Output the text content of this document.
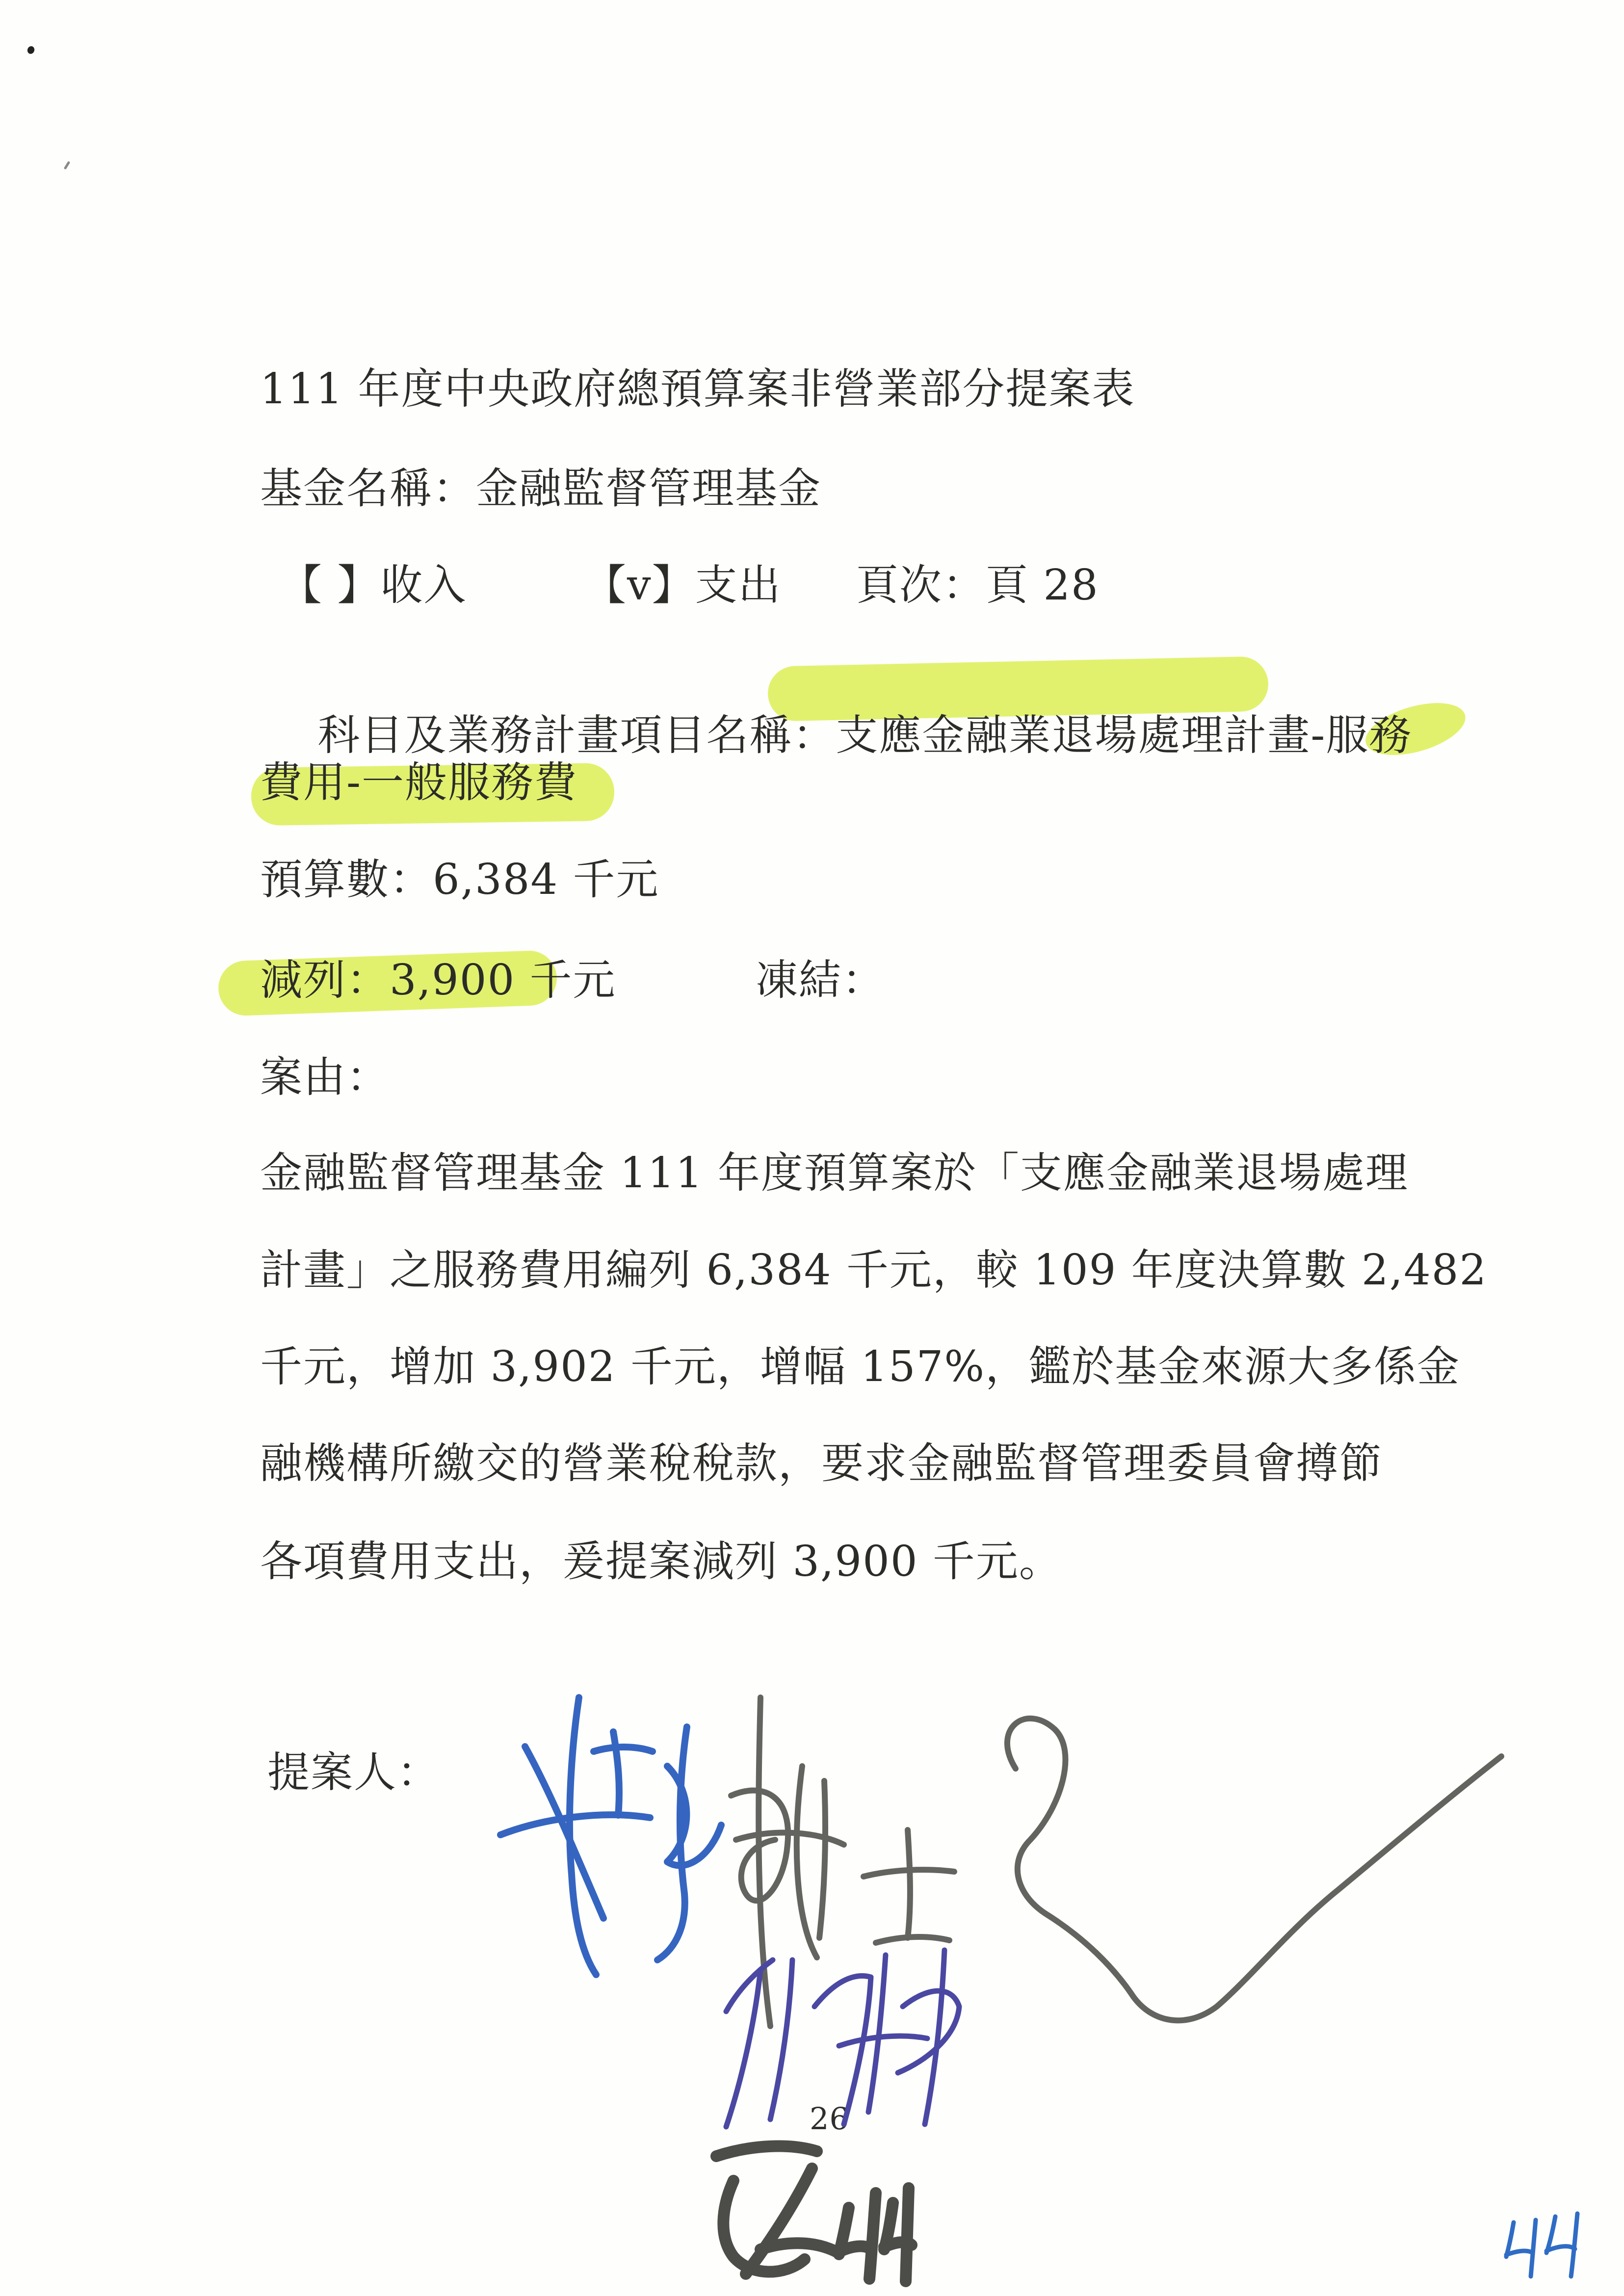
111 年度中央政府總預算案非營業部分提案表
基金名稱：金融監督管理基金
【 】收入	【v】支出 頁次：頁 28

科目及業務計畫項目名稱：支應金融業退場處理計畫-服務

費用-一般服務費
預算數：6,384 千元
減列：3,900 千元	凍結：
案由：
金融監督管理基金 111 年度預算案於「支應金融業退場處理
計畫」之服務費用編列 6,384 千元，較 109 年度決算數 2,482
千元，增加 3,902 千元，增幅 157%，鑑於基金來源大多係金
融機構所繳交的營業稅稅款，要求金融監督管理委員會撙節
各項費用支出，爰提案減列 3,900 千元。
提案人：
26
